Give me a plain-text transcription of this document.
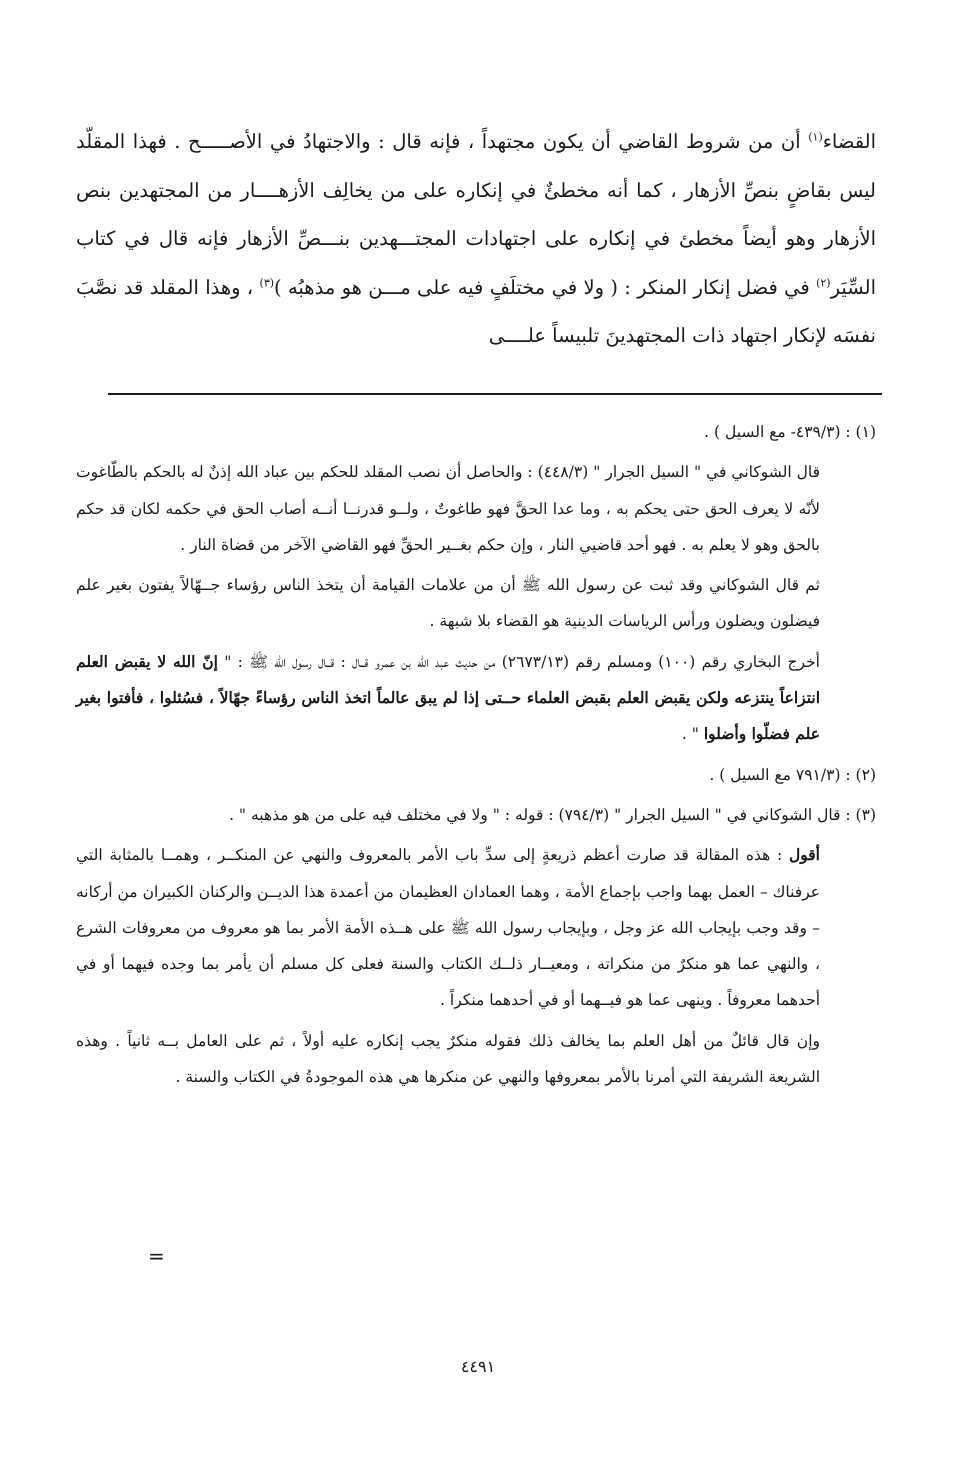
القضاء$^{(١)}$ أن من شروط القاضي أن يكون مجتهداً ، فإنه قال : والاجتهادُ في الأصـــــح . فهذا المقلّد ليس بقاضٍ بنصِّ الأزهار ، كما أنه مخطئٌ في إنكاره على من يخالِف الأزهــــار من المجتهدين بنص الأزهار وهو أيضاً مخطئ في إنكاره على اجتهادات المجتـــهدين بنـــصِّ الأزهار فإنه قال في كتاب السِّيَر$^{(٢)}$ في فضل إنكار المنكر : ( ولا في مختلَفٍ فيه على مـــن هو مذهبُه )$^{(٣)}$ ، وهذا المقلد قد نصَّبَ نفسَه لإنكار اجتهاد ذات المجتهدينَ تلبيساً علــــى

(١) : (٤٣٩/٣- مع السيل ) .

قال الشوكاني في " السيل الجرار " (٤٤٨/٣) : والحاصل أن نصب المقلد للحكم بين عباد الله إذنٌ له بالحكم بالطّاغوت لأنّه لا يعرف الحق حتى يحكم به ، وما عدا الحقَّ فهو طاغوتٌ ، ولــو قدرنــا أنــه أصاب الحق في حكمه لكان قد حكم بالحق وهو لا يعلم به . فهو أحد قاضيي النار ، وإن حكم بغــير الحقِّ فهو القاضي الآخر من قضاة النار .

ثم قال الشوكاني وقد ثبت عن رسول الله ﷺ أن من علامات القيامة أن يتخذ الناس رؤساء جــهّالاً يفتون بغير علم فيضلون ويضلون ورأس الرياسات الدينية هو القضاء بلا شبهة .

أخرج البخاري رقم (١٠٠) ومسلم رقم (٢٦٧٣/١٣) من حديث عبد الله بن عمرو قــال : قــال رسول الله ﷺ : " إنّ الله لا يقبض العلم انتزاعاً ينتزعه ولكن يقبض العلم بقبض العلماء حــتى إذا لم يبق عالماً اتخذ الناس رؤساءً جهّالاً ، فسُئلوا ، فأفتوا بغير علم فضلّوا وأضلوا " .

(٢) : (٧٩١/٣ مع السيل ) .

(٣) : قال الشوكاني في " السيل الجرار " (٧٩٤/٣) : قوله : " ولا في مختلف فيه على من هو مذهبه " .

أقول : هذه المقالة قد صارت أعظم ذريعةٍ إلى سدِّ باب الأمر بالمعروف والنهي عن المنكــر ، وهمــا بالمثابة التي عرفناك – العمل بهما واجب بإجماع الأمة ، وهما العمادان العظيمان من أعمدة هذا الديــن والركنان الكبيران من أركانه – وقد وجب بإيجاب الله عز وجل ، وبإيجاب رسول الله ﷺ على هــذه الأمة الأمر بما هو معروف من معروفات الشرع ، والنهي عما هو منكرٌ من منكراته ، ومعيــار ذلــك الكتاب والسنة فعلى كل مسلم أن يأمر بما وجده فيهما أو في أحدهما معروفاً . وينهى عما هو فيــهما أو في أحدهما منكراً .

وإن قال قائلٌ من أهل العلم بما يخالف ذلك فقوله منكرٌ يجب إنكاره عليه أولاً ، ثم على العامل بــه ثانياً . وهذه الشريعة الشريفة التي أمرنا بالأمر بمعروفها والنهي عن منكرها هي هذه الموجودةُ في الكتاب والسنة .

=
٤٤٩١
